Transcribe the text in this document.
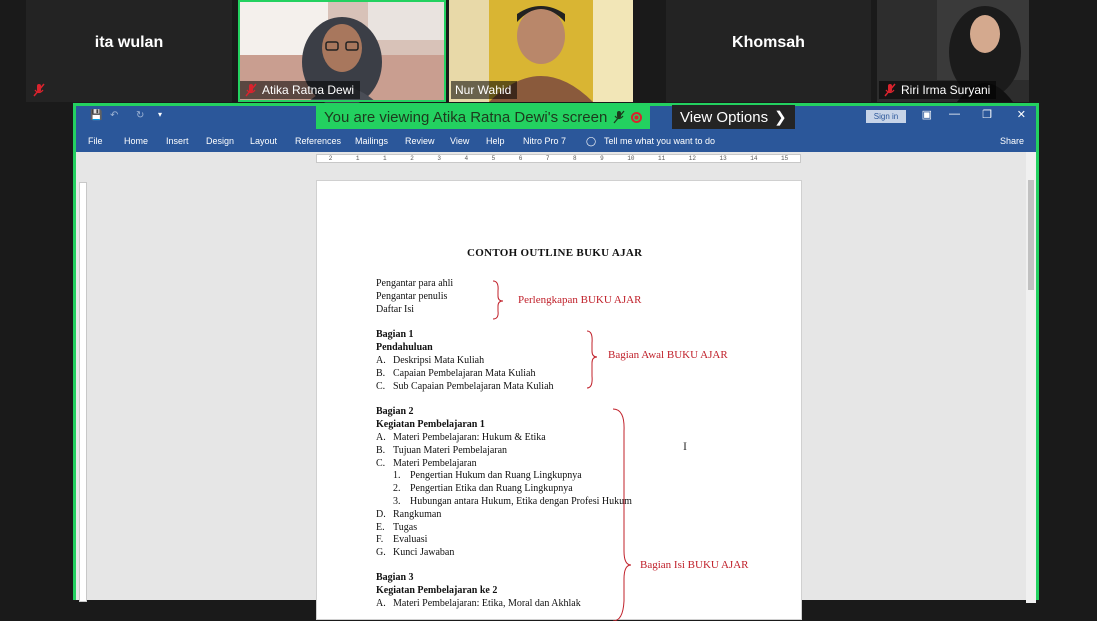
ita wulan
Atika Ratna Dewi	Nur Wahid
Khomsah
Riri Irma Suryani
💾 ↶ ↻ ▾	Sign in	▣ — ❐ ✕
You are viewing Atika Ratna Dewi's screen	View Options ❯
File Home Insert Design Layout References Mailings Review View Help Nitro Pro 7 ◯ Tell me what you want to do	Share
2	1	1	2	3	4	5	6	7	8	9	10	11	12	13	14	15
CONTOH OUTLINE BUKU AJAR
Pengantar para ahli
Pengantar penulis
Daftar Isi
Bagian 1
Pendahuluan
A. Deskripsi Mata Kuliah
B. Capaian Pembelajaran Mata Kuliah
C. Sub Capaian Pembelajaran Mata Kuliah
Bagian 2
Kegiatan Pembelajaran 1
A. Materi Pembelajaran: Hukum & Etika
B. Tujuan Materi Pembelajaran
C. Materi Pembelajaran
1. Pengertian Hukum dan Ruang Lingkupnya
2. Pengertian Etika dan Ruang Lingkupnya
3. Hubungan antara Hukum, Etika dengan Profesi Hukum
D. Rangkuman
E. Tugas
F. Evaluasi
G. Kunci Jawaban
Bagian 3
Kegiatan Pembelajaran ke 2
A. Materi Pembelajaran: Etika, Moral dan Akhlak
Perlengkapan BUKU AJAR
Bagian Awal BUKU AJAR
Bagian Isi BUKU AJAR
I
